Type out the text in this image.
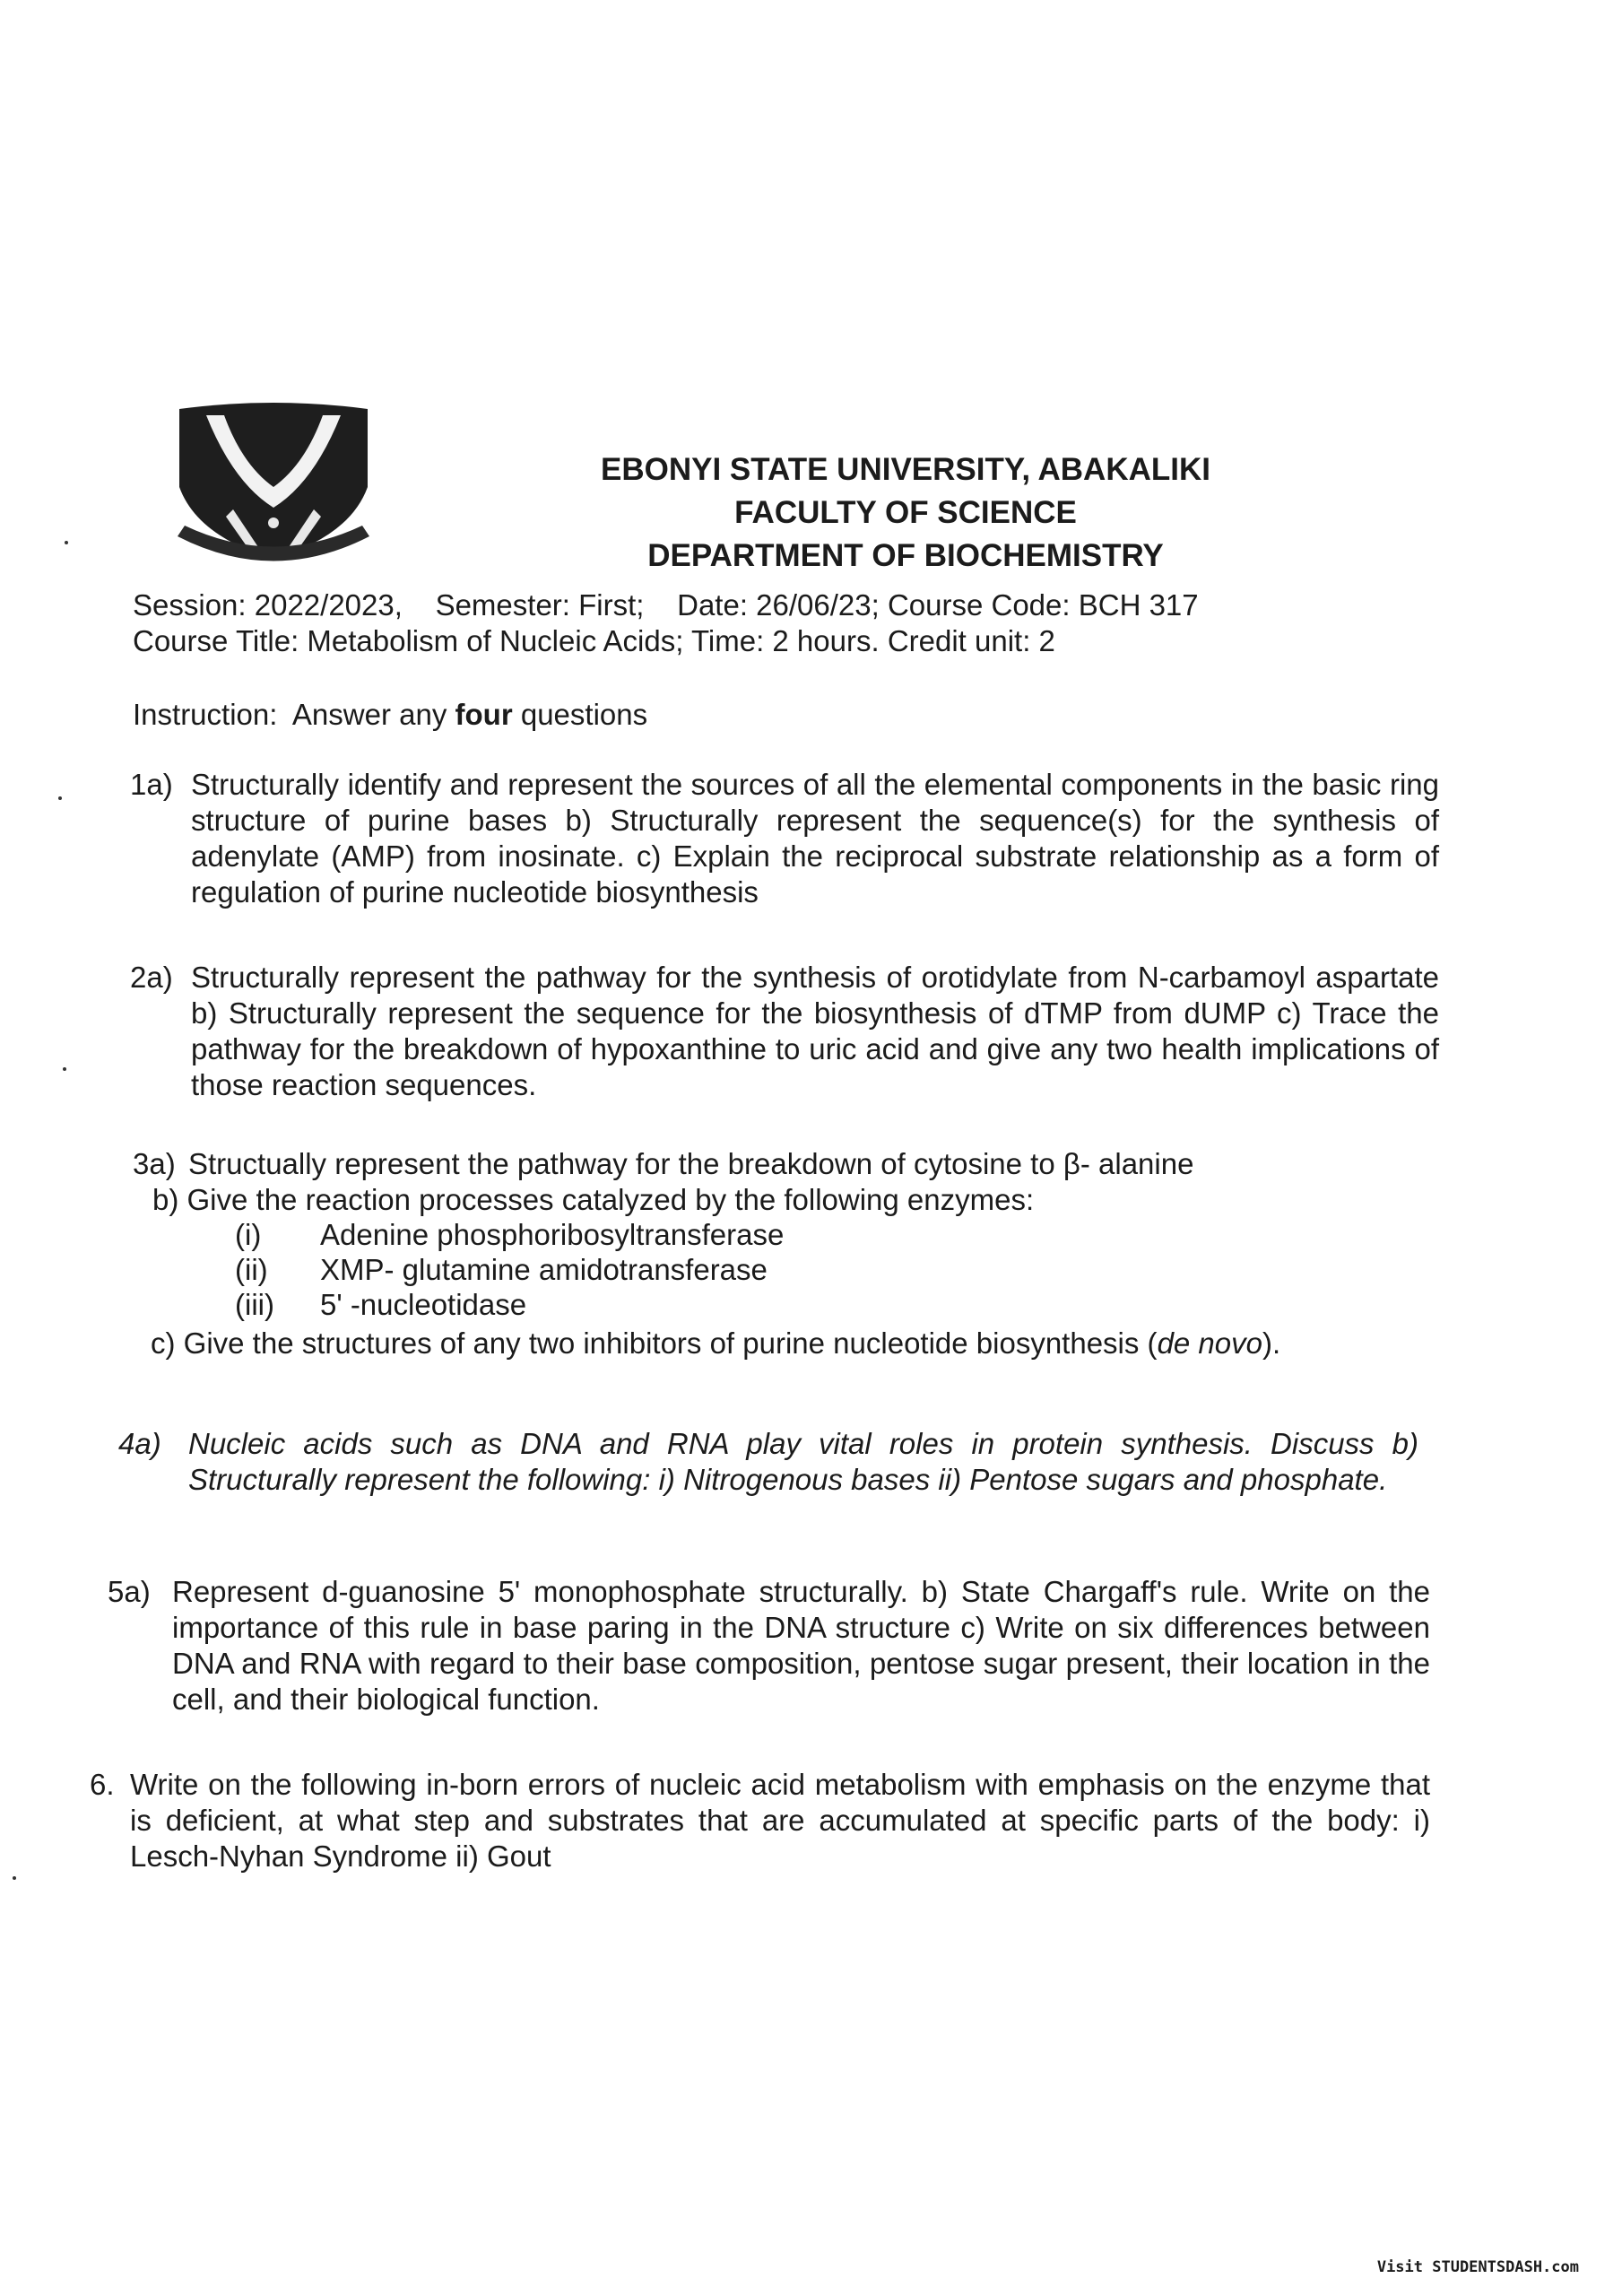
EBONYI STATE UNIVERSITY, ABAKALIKI
FACULTY OF SCIENCE
DEPARTMENT OF BIOCHEMISTRY
Session: 2022/2023,    Semester: First;    Date: 26/06/23; Course Code: BCH 317
Course Title: Metabolism of Nucleic Acids; Time: 2 hours. Credit unit: 2
Instruction:  Answer any four questions
1a) Structurally identify and represent the sources of all the elemental components in the basic ring structure of purine bases b) Structurally represent the sequence(s) for the synthesis of adenylate (AMP) from inosinate. c) Explain the reciprocal substrate relationship as a form of regulation of purine nucleotide biosynthesis
2a) Structurally represent the pathway for the synthesis of orotidylate from N-carbamoyl aspartate b) Structurally represent the sequence for the biosynthesis of dTMP from dUMP c) Trace the pathway for the breakdown of hypoxanthine to uric acid and give any two health implications of those reaction sequences.
3a) Structually represent the pathway for the breakdown of cytosine to β- alanine
b) Give the reaction processes catalyzed by the following enzymes:
(i) Adenine phosphoribosyltransferase
(ii) XMP- glutamine amidotransferase
(iii) 5' -nucleotidase
c) Give the structures of any two inhibitors of purine nucleotide biosynthesis (de novo).
4a) Nucleic acids such as DNA and RNA play vital roles in protein synthesis. Discuss b) Structurally represent the following: i) Nitrogenous bases ii) Pentose sugars and phosphate.
5a) Represent d-guanosine 5' monophosphate structurally. b) State Chargaff's rule. Write on the importance of this rule in base paring in the DNA structure c) Write on six differences between DNA and RNA with regard to their base composition, pentose sugar present, their location in the cell, and their biological function.
6. Write on the following in-born errors of nucleic acid metabolism with emphasis on the enzyme that is deficient, at what step and substrates that are accumulated at specific parts of the body: i) Lesch-Nyhan Syndrome ii) Gout
Visit STUDENTSDASH.com
